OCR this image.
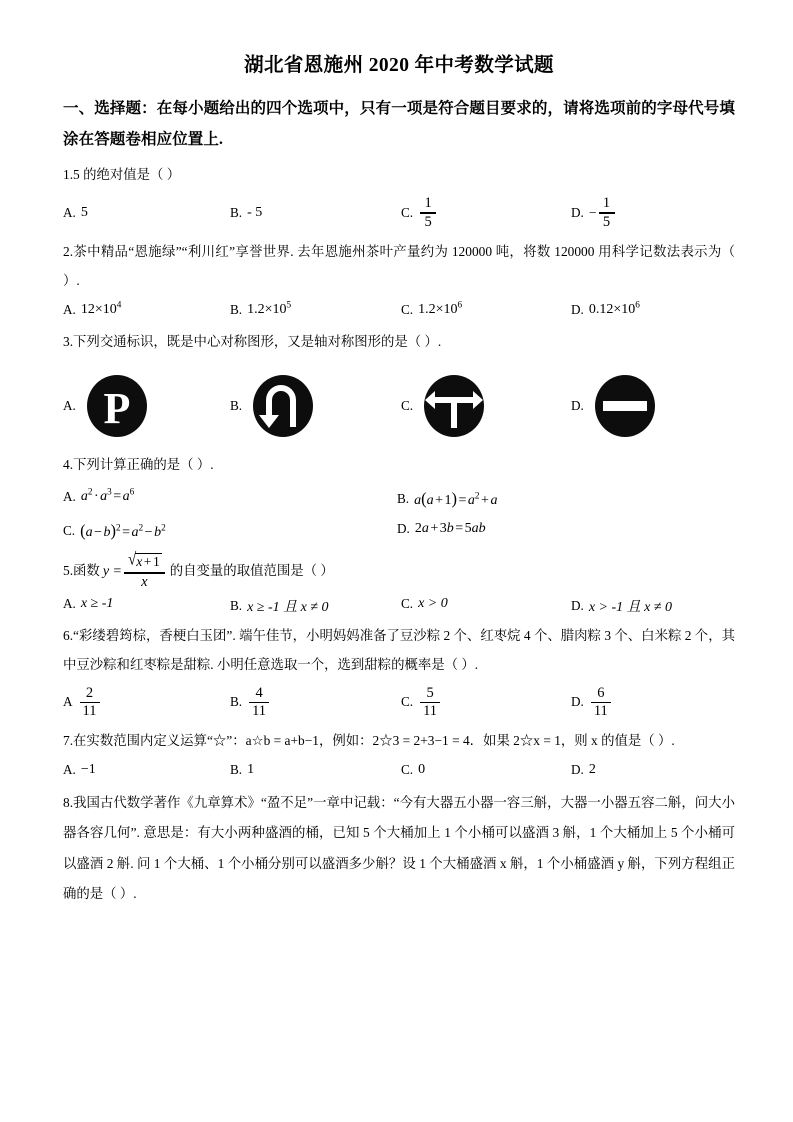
湖北省恩施州 2020 年中考数学试题

一、选择题：在每小题给出的四个选项中，只有一项是符合题目要求的，请将选项前的字母代号填涂在答题卷相应位置上.

1.5 的绝对值是（ ）

A. 5	B. - 5	C. $\frac{1}{5}$	D. − $\frac{1}{5}$

2.茶中精品“恩施绿”“利川红”享誉世界. 去年恩施州茶叶产量约为 120000 吨，将数 120000 用科学记数法表示为（ ）.

A. $12\times 10^4$	B. $1.2\times 10^5$	C. $1.2\times 10^6$	D. $0.12\times 10^6$

3.下列交通标识，既是中心对称图形，又是轴对称图形的是（ ）.

A. P	B.	C.	D.

4.下列计算正确的是（ ）.

A. $a^2 \cdot a^3 = a^6$	B. $a(a + 1) = a^2 + a$
C. $(a - b)^2 = a^2 - b^2$	D. 2a + 3b = 5ab

5.函数 $y = \frac{√ x + 1}{x}$ 的自变量的取值范围是（ ）

A. x ≥ -1	B. x ≥ -1 且 x ≠ 0	C. x > 0	D. x > -1 且 x ≠ 0

6.“彩缕碧筠棕，香梗白玉团”. 端午佳节，小明妈妈准备了豆沙粽 2 个、红枣烷 4 个、腊肉粽 3 个、白米粽 2 个，其中豆沙粽和红枣粽是甜粽. 小明任意选取一个，选到甜粽的概率是（ ）.

A $\frac{2}{11}$	B. $\frac{4}{11}$	C. $\frac{5}{11}$	D. $\frac{6}{11}$

7.在实数范围内定义运算“☆”：a☆b = a+b−1，例如：2☆3 = 2+3−1 = 4．如果 2☆x = 1，则 x 的值是（ ）.

A. −1	B. 1	C. 0	D. 2

8.我国古代数学著作《九章算术》“盈不足”一章中记载：“今有大器五小器一容三斛，大器一小器五容二斛，问大小器各容几何”. 意思是：有大小两种盛酒的桶，已知 5 个大桶加上 1 个小桶可以盛酒 3 斛，1 个大桶加上 5 个小桶可以盛酒 2 斛. 问 1 个大桶、1 个小桶分别可以盛酒多少斛？设 1 个大桶盛酒 x 斛，1 个小桶盛酒 y 斛，下列方程组正确的是（ ）.
